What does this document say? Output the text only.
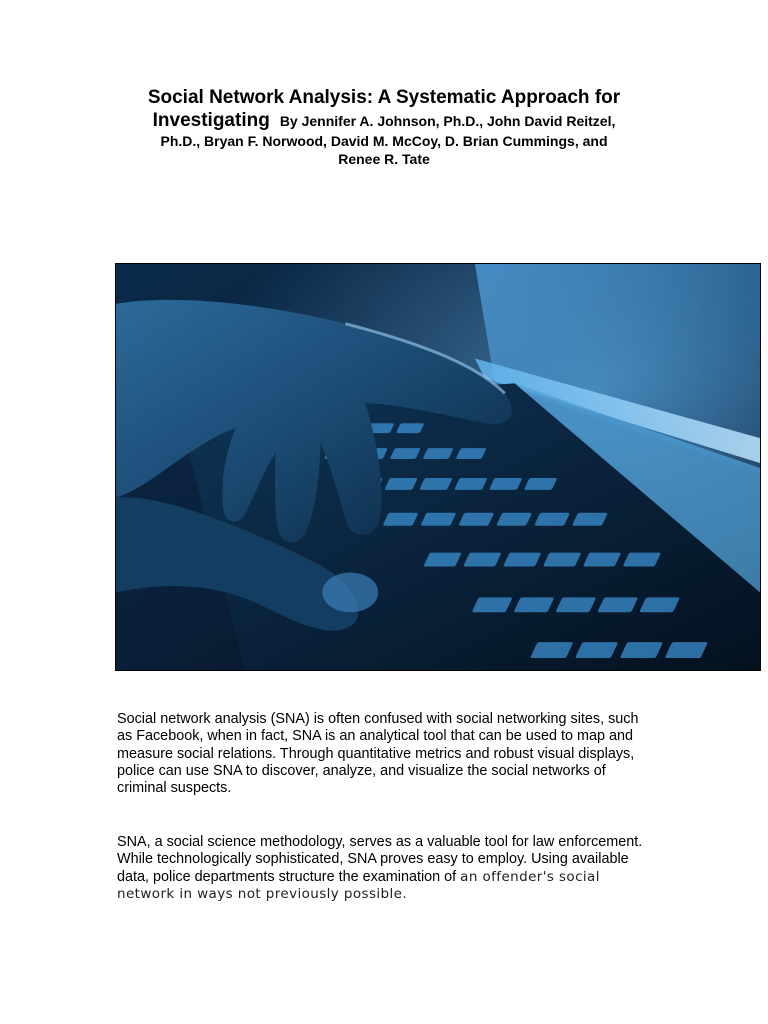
Social Network Analysis: A Systematic Approach for
Investigating By Jennifer A. Johnson, Ph.D., John David Reitzel,
Ph.D., Bryan F. Norwood, David M. McCoy, D. Brian Cummings, and
Renee R. Tate
Social network analysis (SNA) is often confused with social networking sites, such as Facebook, when in fact, SNA is an analytical tool that can be used to map and measure social relations. Through quantitative metrics and robust visual displays, police can use SNA to discover, analyze, and visualize the social networks of criminal suspects.
SNA, a social science methodology, serves as a valuable tool for law enforcement. While technologically sophisticated, SNA proves easy to employ. Using available data, police departments structure the examination of an offender's social network in ways not previously possible.
